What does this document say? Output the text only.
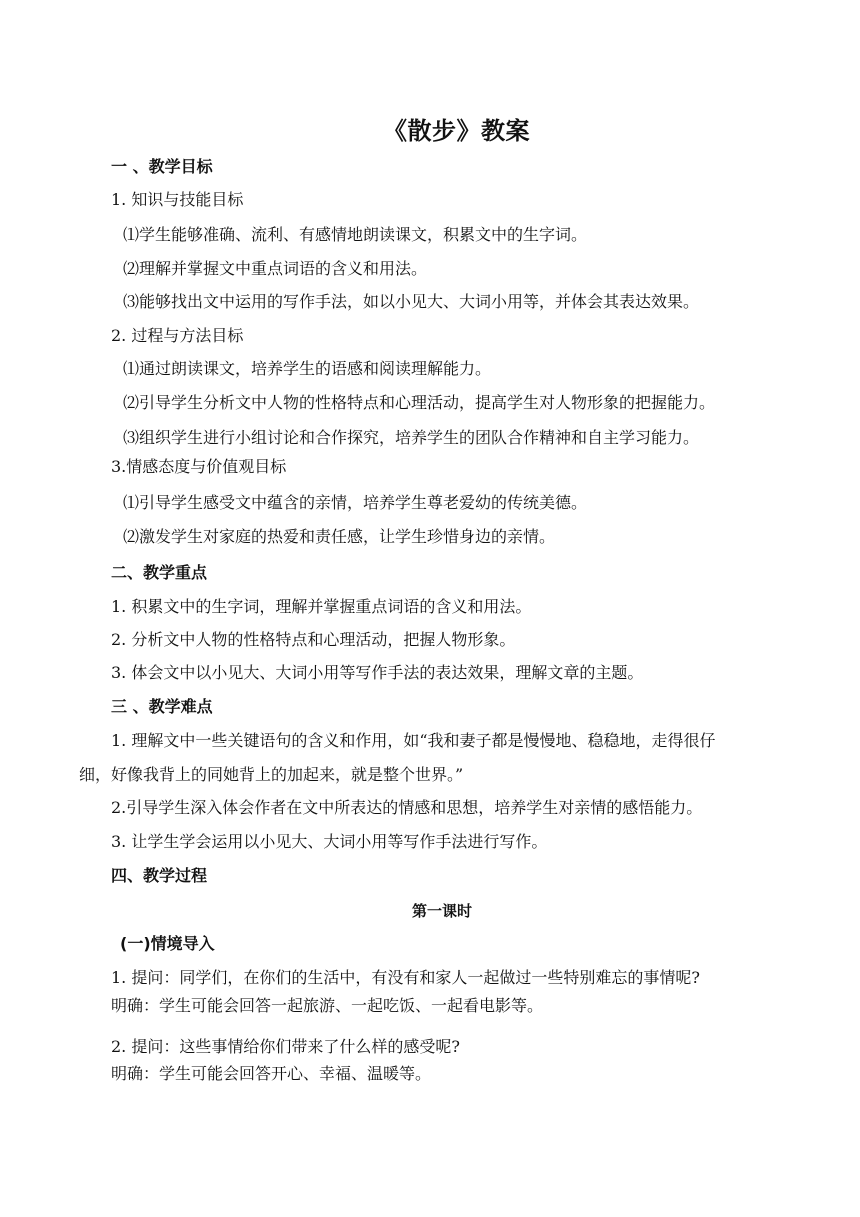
《散步》教案
一 、教学目标
1. 知识与技能目标
⑴学生能够准确、流利、有感情地朗读课文，积累文中的生字词。
⑵理解并掌握文中重点词语的含义和用法。
⑶能够找出文中运用的写作手法，如以小见大、大词小用等，并体会其表达效果。
2. 过程与方法目标
⑴通过朗读课文，培养学生的语感和阅读理解能力。
⑵引导学生分析文中人物的性格特点和心理活动，提高学生对人物形象的把握能力。
⑶组织学生进行小组讨论和合作探究，培养学生的团队合作精神和自主学习能力。
3.情感态度与价值观目标
⑴引导学生感受文中蕴含的亲情，培养学生尊老爱幼的传统美德。
⑵激发学生对家庭的热爱和责任感，让学生珍惜身边的亲情。
二、教学重点
1. 积累文中的生字词，理解并掌握重点词语的含义和用法。
2. 分析文中人物的性格特点和心理活动，把握人物形象。
3. 体会文中以小见大、大词小用等写作手法的表达效果，理解文章的主题。
三 、教学难点
1. 理解文中一些关键语句的含义和作用，如“我和妻子都是慢慢地、稳稳地，走得很仔
细，好像我背上的同她背上的加起来，就是整个世界。”
2.引导学生深入体会作者在文中所表达的情感和思想，培养学生对亲情的感悟能力。
3. 让学生学会运用以小见大、大词小用等写作手法进行写作。
四、教学过程
第一课时
(一)情境导入
1. 提问：同学们，在你们的生活中，有没有和家人一起做过一些特别难忘的事情呢?
明确：学生可能会回答一起旅游、一起吃饭、一起看电影等。
2. 提问：这些事情给你们带来了什么样的感受呢?
明确：学生可能会回答开心、幸福、温暖等。
